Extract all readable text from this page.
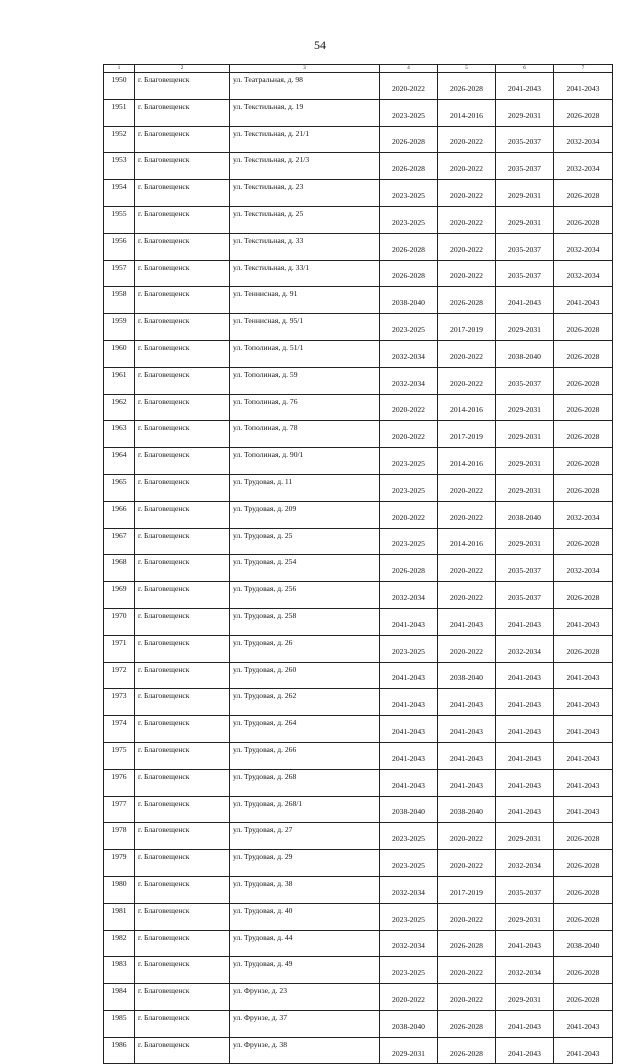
54
1	2	3	4	5	6	7
1950	г. Благовещенск	ул. Театральная, д. 98	2020-2022	2026-2028	2041-2043	2041-2043
1951	г. Благовещенск	ул. Текстильная, д. 19	2023-2025	2014-2016	2029-2031	2026-2028
1952	г. Благовещенск	ул. Текстильная, д. 21/1	2026-2028	2020-2022	2035-2037	2032-2034
1953	г. Благовещенск	ул. Текстильная, д. 21/3	2026-2028	2020-2022	2035-2037	2032-2034
1954	г. Благовещенск	ул. Текстильная, д. 23	2023-2025	2020-2022	2029-2031	2026-2028
1955	г. Благовещенск	ул. Текстильная, д. 25	2023-2025	2020-2022	2029-2031	2026-2028
1956	г. Благовещенск	ул. Текстильная, д. 33	2026-2028	2020-2022	2035-2037	2032-2034
1957	г. Благовещенск	ул. Текстильная, д. 33/1	2026-2028	2020-2022	2035-2037	2032-2034
1958	г. Благовещенск	ул. Теннисная, д. 91	2038-2040	2026-2028	2041-2043	2041-2043
1959	г. Благовещенск	ул. Теннисная, д. 95/1	2023-2025	2017-2019	2029-2031	2026-2028
1960	г. Благовещенск	ул. Тополиная, д. 51/1	2032-2034	2020-2022	2038-2040	2026-2028
1961	г. Благовещенск	ул. Тополиная, д. 59	2032-2034	2020-2022	2035-2037	2026-2028
1962	г. Благовещенск	ул. Тополиная, д. 76	2020-2022	2014-2016	2029-2031	2026-2028
1963	г. Благовещенск	ул. Тополиная, д. 78	2020-2022	2017-2019	2029-2031	2026-2028
1964	г. Благовещенск	ул. Тополиная, д. 90/1	2023-2025	2014-2016	2029-2031	2026-2028
1965	г. Благовещенск	ул. Трудовая, д. 11	2023-2025	2020-2022	2029-2031	2026-2028
1966	г. Благовещенск	ул. Трудовая, д. 209	2020-2022	2020-2022	2038-2040	2032-2034
1967	г. Благовещенск	ул. Трудовая, д. 25	2023-2025	2014-2016	2029-2031	2026-2028
1968	г. Благовещенск	ул. Трудовая, д. 254	2026-2028	2020-2022	2035-2037	2032-2034
1969	г. Благовещенск	ул. Трудовая, д. 256	2032-2034	2020-2022	2035-2037	2026-2028
1970	г. Благовещенск	ул. Трудовая, д. 258	2041-2043	2041-2043	2041-2043	2041-2043
1971	г. Благовещенск	ул. Трудовая, д. 26	2023-2025	2020-2022	2032-2034	2026-2028
1972	г. Благовещенск	ул. Трудовая, д. 260	2041-2043	2038-2040	2041-2043	2041-2043
1973	г. Благовещенск	ул. Трудовая, д. 262	2041-2043	2041-2043	2041-2043	2041-2043
1974	г. Благовещенск	ул. Трудовая, д. 264	2041-2043	2041-2043	2041-2043	2041-2043
1975	г. Благовещенск	ул. Трудовая, д. 266	2041-2043	2041-2043	2041-2043	2041-2043
1976	г. Благовещенск	ул. Трудовая, д. 268	2041-2043	2041-2043	2041-2043	2041-2043
1977	г. Благовещенск	ул. Трудовая, д. 268/1	2038-2040	2038-2040	2041-2043	2041-2043
1978	г. Благовещенск	ул. Трудовая, д. 27	2023-2025	2020-2022	2029-2031	2026-2028
1979	г. Благовещенск	ул. Трудовая, д. 29	2023-2025	2020-2022	2032-2034	2026-2028
1980	г. Благовещенск	ул. Трудовая, д. 38	2032-2034	2017-2019	2035-2037	2026-2028
1981	г. Благовещенск	ул. Трудовая, д. 40	2023-2025	2020-2022	2029-2031	2026-2028
1982	г. Благовещенск	ул. Трудовая, д. 44	2032-2034	2026-2028	2041-2043	2038-2040
1983	г. Благовещенск	ул. Трудовая, д. 49	2023-2025	2020-2022	2032-2034	2026-2028
1984	г. Благовещенск	ул. Фрунзе, д. 23	2020-2022	2020-2022	2029-2031	2026-2028
1985	г. Благовещенск	ул. Фрунзе, д. 37	2038-2040	2026-2028	2041-2043	2041-2043
1986	г. Благовещенск	ул. Фрунзе, д. 38	2029-2031	2026-2028	2041-2043	2041-2043
